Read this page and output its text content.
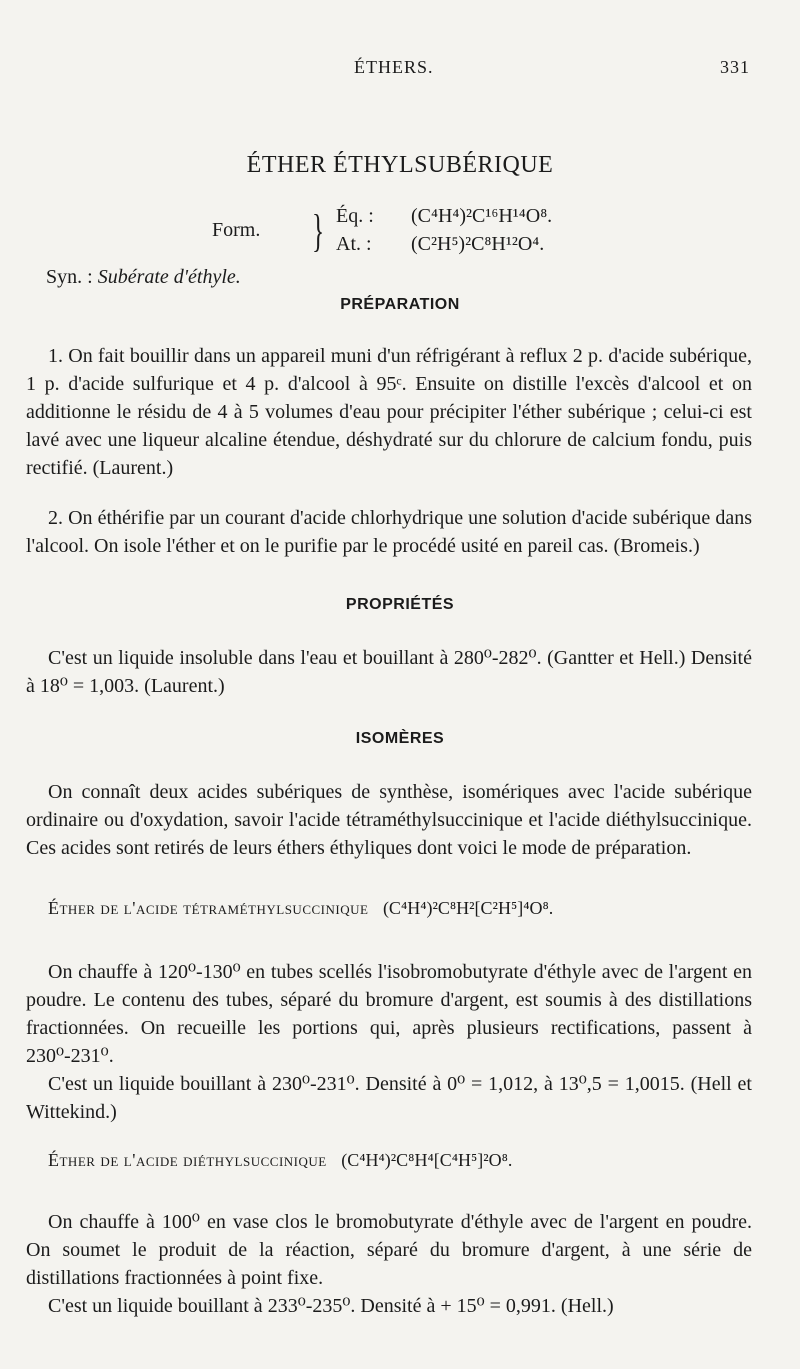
ÉTHERS.	331
ÉTHER ÉTHYLSUBÉRIQUE
Form. } Éq. : (C⁴H⁴)²C¹⁶H¹⁴O⁸.
At. : (C²H⁵)²C⁸H¹²O⁴.
Syn. : Subérate d'éthyle.
PRÉPARATION

1. On fait bouillir dans un appareil muni d'un réfrigérant à reflux 2 p. d'acide subérique, 1 p. d'acide sulfurique et 4 p. d'alcool à 95ᶜ. Ensuite on distille l'excès d'alcool et on additionne le résidu de 4 à 5 volumes d'eau pour précipiter l'éther subérique ; celui-ci est lavé avec une liqueur alcaline étendue, déshydraté sur du chlorure de calcium fondu, puis rectifié. (Laurent.)

2. On éthérifie par un courant d'acide chlorhydrique une solution d'acide subérique dans l'alcool. On isole l'éther et on le purifie par le procédé usité en pareil cas. (Bromeis.)

PROPRIÉTÉS

C'est un liquide insoluble dans l'eau et bouillant à 280⁰-282⁰. (Gantter et Hell.) Densité à 18⁰ = 1,003. (Laurent.)

ISOMÈRES

On connaît deux acides subériques de synthèse, isomériques avec l'acide subérique ordinaire ou d'oxydation, savoir l'acide tétraméthylsuccinique et l'acide diéthylsuccinique. Ces acides sont retirés de leurs éthers éthyliques dont voici le mode de préparation.

Éther de l'acide tétraméthylsuccinique (C⁴H⁴)²C⁸H²[C²H⁵]⁴O⁸.

On chauffe à 120⁰-130⁰ en tubes scellés l'isobromobutyrate d'éthyle avec de l'argent en poudre. Le contenu des tubes, séparé du bromure d'argent, est soumis à des distillations fractionnées. On recueille les portions qui, après plusieurs rectifications, passent à 230⁰-231⁰.

C'est un liquide bouillant à 230⁰-231⁰. Densité à 0⁰ = 1,012, à 13⁰,5 = 1,0015. (Hell et Wittekind.)

Éther de l'acide diéthylsuccinique (C⁴H⁴)²C⁸H⁴[C⁴H⁵]²O⁸.

On chauffe à 100⁰ en vase clos le bromobutyrate d'éthyle avec de l'argent en poudre. On soumet le produit de la réaction, séparé du bromure d'argent, à une série de distillations fractionnées à point fixe.

C'est un liquide bouillant à 233⁰-235⁰. Densité à + 15⁰ = 0,991. (Hell.)
